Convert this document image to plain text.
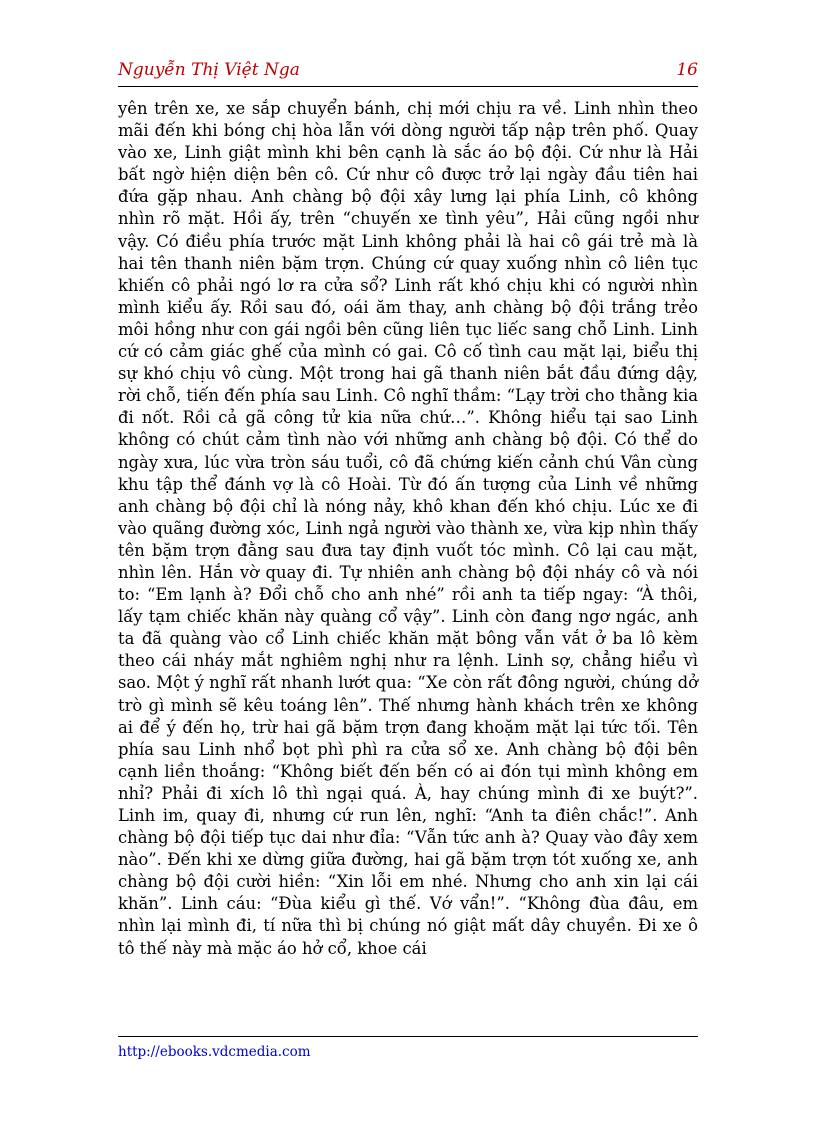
Nguyễn Thị Việt Nga	16

yên trên xe, xe sắp chuyển bánh, chị mới chịu ra về. Linh nhìn theo mãi đến khi bóng chị hòa lẫn với dòng người tấp nập trên phố. Quay vào xe, Linh giật mình khi bên cạnh là sắc áo bộ đội. Cứ như là Hải bất ngờ hiện diện bên cô. Cứ như cô được trở lại ngày đầu tiên hai đứa gặp nhau. Anh chàng bộ đội xây lưng lại phía Linh, cô không nhìn rõ mặt. Hồi ấy, trên “chuyến xe tình yêu”, Hải cũng ngồi như vậy. Có điều phía trước mặt Linh không phải là hai cô gái trẻ mà là hai tên thanh niên bặm trợn. Chúng cứ quay xuống nhìn cô liên tục khiến cô phải ngó lơ ra cửa sổ? Linh rất khó chịu khi có người nhìn mình kiểu ấy. Rồi sau đó, oái ăm thay, anh chàng bộ đội trắng trẻo môi hồng như con gái ngồi bên cũng liên tục liếc sang chỗ Linh. Linh cứ có cảm giác ghế của mình có gai. Cô cố tình cau mặt lại, biểu thị sự khó chịu vô cùng. Một trong hai gã thanh niên bắt đầu đứng dậy, rời chỗ, tiến đến phía sau Linh. Cô nghĩ thầm: “Lạy trời cho thằng kia đi nốt. Rồi cả gã công tử kia nữa chứ…”. Không hiểu tại sao Linh không có chút cảm tình nào với những anh chàng bộ đội. Có thể do ngày xưa, lúc vừa tròn sáu tuổi, cô đã chứng kiến cảnh chú Vân cùng khu tập thể đánh vợ là cô Hoài. Từ đó ấn tượng của Linh về những anh chàng bộ đội chỉ là nóng nảy, khô khan đến khó chịu. Lúc xe đi vào quãng đường xóc, Linh ngả người vào thành xe, vừa kịp nhìn thấy tên bặm trợn đằng sau đưa tay định vuốt tóc mình. Cô lại cau mặt, nhìn lên. Hắn vờ quay đi. Tự nhiên anh chàng bộ đội nháy cô và nói to: “Em lạnh à? Đổi chỗ cho anh nhé” rồi anh ta tiếp ngay: “À thôi, lấy tạm chiếc khăn này quàng cổ vậy”. Linh còn đang ngơ ngác, anh ta đã quàng vào cổ Linh chiếc khăn mặt bông vẫn vắt ở ba lô kèm theo cái nháy mắt nghiêm nghị như ra lệnh. Linh sợ, chẳng hiểu vì sao. Một ý nghĩ rất nhanh lướt qua: “Xe còn rất đông người, chúng dở trò gì mình sẽ kêu toáng lên”. Thế nhưng hành khách trên xe không ai để ý đến họ, trừ hai gã bặm trợn đang khoặm mặt lại tức tối. Tên phía sau Linh nhổ bọt phì phì ra cửa sổ xe. Anh chàng bộ đội bên cạnh liền thoắng: “Không biết đến bến có ai đón tụi mình không em nhỉ? Phải đi xích lô thì ngại quá. À, hay chúng mình đi xe buýt?”. Linh im, quay đi, nhưng cứ run lên, nghĩ: “Anh ta điên chắc!”. Anh chàng bộ đội tiếp tục dai như đỉa: “Vẫn tức anh à? Quay vào đây xem nào”. Đến khi xe dừng giữa đường, hai gã bặm trợn tót xuống xe, anh chàng bộ đội cười hiền: “Xin lỗi em nhé. Nhưng cho anh xin lại cái khăn”. Linh cáu: “Đùa kiểu gì thế. Vớ vẩn!”. “Không đùa đâu, em nhìn lại mình đi, tí nữa thì bị chúng nó giật mất dây chuyền. Đi xe ô tô thế này mà mặc áo hở cổ, khoe cái

http://ebooks.vdcmedia.com
